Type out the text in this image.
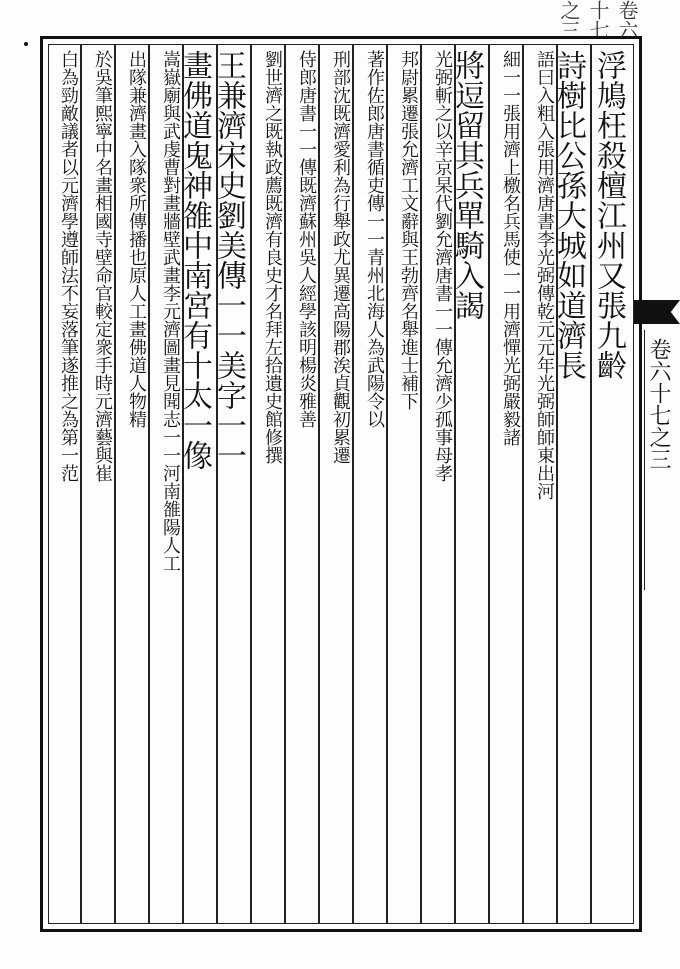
卷六十七之三
卷六十七之三
浮鳩枉殺檀江州又張九齡
詩樹比公孫大城如道濟長
語曰入粗入張用濟唐書李光弼傳乾元元年光弼師師東出河
細一一張用濟上檄名兵馬使一一用濟憚光弼嚴毅諸
將逗留其兵單騎入謁
光弼斬之以辛京杲代劉允濟唐書一一傳允濟少孤事母孝
邦尉累遷張允濟工文辭與王勃齊名舉進士補下
著作佐郎唐書循吏傳一一青州北海人為武陽令以
刑部沈既濟愛利為行舉政尤異遷高陽郡涘貞觀初累遷
侍郎唐書一一傳既濟蘇州吳人經學該明楊炎雅善
劉世濟之既執政薦既濟有良史才名拜左拾遺史館修撰
王兼濟宋史劉美傳一一美字一一
畫佛道鬼神雒中南宮有十太一像
嵩嶽廟與武虔曹對畫牆壁武畫李元濟圖畫見聞志一一河南雒陽人工
出隊兼濟畫入隊衆所傳播也原人工畫佛道人物精
於吳筆熙寧中名畫相國寺壁命官較定衆手時元濟藝與崔
白為勁敵議者以元濟學遵師法不妄落筆遂推之為第一范
